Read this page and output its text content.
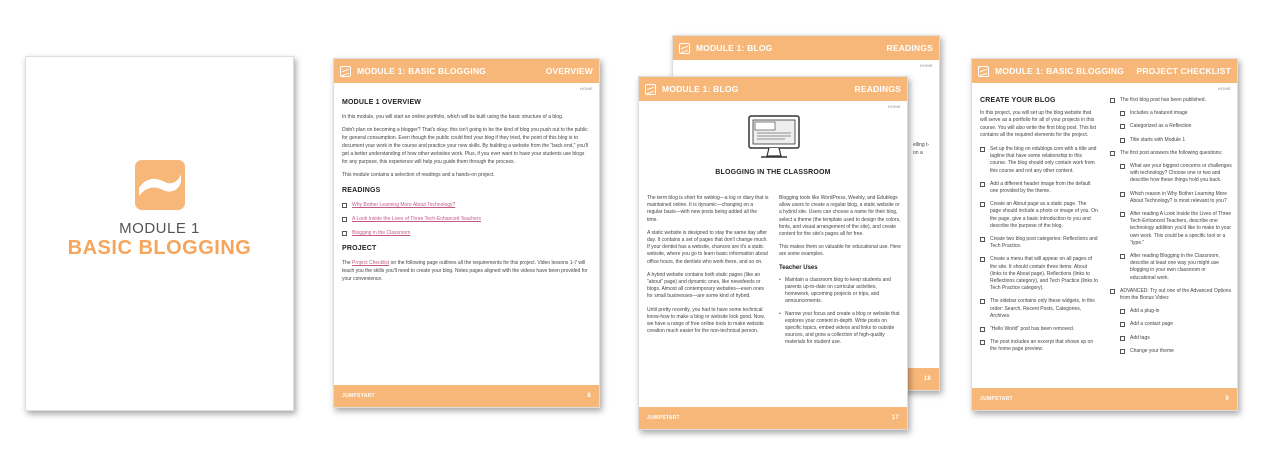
MODULE 1
BASIC BLOGGING
MODULE 1: BASIC BLOGGING	OVERVIEW
HOME
MODULE 1 OVERVIEW
In this module, you will start an online portfolio, which will be built using the basic structure of a blog.
Didn't plan on becoming a blogger? That's okay; this isn't going to be the kind of blog you push out to the public for general consumption. Even though the public could find your blog if they tried, the point of this blog is to document your work in the course and practice your new skills. By building a website from the “back end,” you'll get a better understanding of how other websites work. Plus, if you ever want to have your students use blogs for any purpose, this experience will help you guide them through the process.
This module contains a selection of readings and a hands-on project.
READINGS
Why Bother Learning More About Technology?
A Look Inside the Lives of Three Tech-Enhanced Teachers
Blogging in the Classroom
PROJECT
The Project Checklist on the following page outlines all the requirements for this project. Video lessons 1-7 will teach you the skills you'll need to create your blog. Notes pages aligned with the videos have been provided for your convenience.
JUMPSTART	8
MODULE 1: BLOG	READINGS
HOME
elling t-
on a
18
MODULE 1: BLOG	READINGS
HOME
BLOGGING IN THE CLASSROOM
The term blog is short for weblog—a log or diary that is maintained online. It is dynamic—changing on a regular basis—with new posts being added all the time.
A static website is designed to stay the same day after day. It contains a set of pages that don't change much. If your dentist has a website, chances are it's a static website, where you go to learn basic information about office hours, the dentists who work there, and so on.
A hybrid website contains both static pages (like an “about” page) and dynamic ones, like newsfeeds or blogs. Almost all contemporary websites—even ones for small businesses—are some kind of hybrid.
Until pretty recently, you had to have some technical know-how to make a blog or website look good. Now, we have a range of free online tools to make website creation much easier for the non-technical person.
Blogging tools like WordPress, Weebly, and Edublogs allow users to create a regular blog, a static website or a hybrid site. Users can choose a name for their blog, select a theme (the template used to design the colors, fonts, and visual arrangement of the site), and create content for the site's pages all for free.
This makes them so valuable for educational use. Here are some examples.
Teacher Uses
• Maintain a classroom blog to keep students and parents up-to-date on curricular activities, homework, upcoming projects or trips, and announcements.
• Narrow your focus and create a blog or website that explores your content in-depth. Write posts on specific topics, embed videos and links to outside sources, and grow a collection of high-quality materials for student use.
JUMPSTART	17
MODULE 1: BASIC BLOGGING PROJECT CHECKLIST
HOME
CREATE YOUR BLOG
In this project, you will set up the blog website that will serve as a portfolio for all of your projects in this course. You will also write the first blog post. This list contains all the required elements for the project.
Set up the blog on edublogs.com with a title and tagline that have some relationship to this course. The blog should only contain work from this course and not any other content.
Add a different header image from the default one provided by the theme.
Create an About page as a static page. The page should include a photo or image of you. On the page, give a basic introduction to you and describe the purpose of the blog.
Create two blog post categories: Reflections and Tech Practice.
Create a menu that will appear on all pages of the site. It should contain three items: About (links to the About page), Reflections (links to Reflections category), and Tech Practice (links to Tech Practice category).
The sidebar contains only these widgets, in this order: Search, Recent Posts, Categories, Archives.
“Hello World” post has been removed.
The post includes an excerpt that shows up on the home page preview.
The first blog post has been published.
Includes a featured image
Categorized as a Reflection
Title starts with Module 1
The first post answers the following questions:
What are your biggest concerns or challenges with technology? Choose one or two and describe how these things hold you back.
Which reason in Why Bother Learning More About Technology? is most relevant to you?
After reading A Look Inside the Lives of Three Tech-Enhanced Teachers, describe one technology addition you'd like to make to your own work. This could be a specific tool or a “type.”
After reading Blogging in the Classroom, describe at least one way you might use blogging in your own classroom or educational work.
ADVANCED: Try out one of the Advanced Options from the Bonus Video:
Add a plug-in
Add a contact page
Add tags
Change your theme
JUMPSTART	9
